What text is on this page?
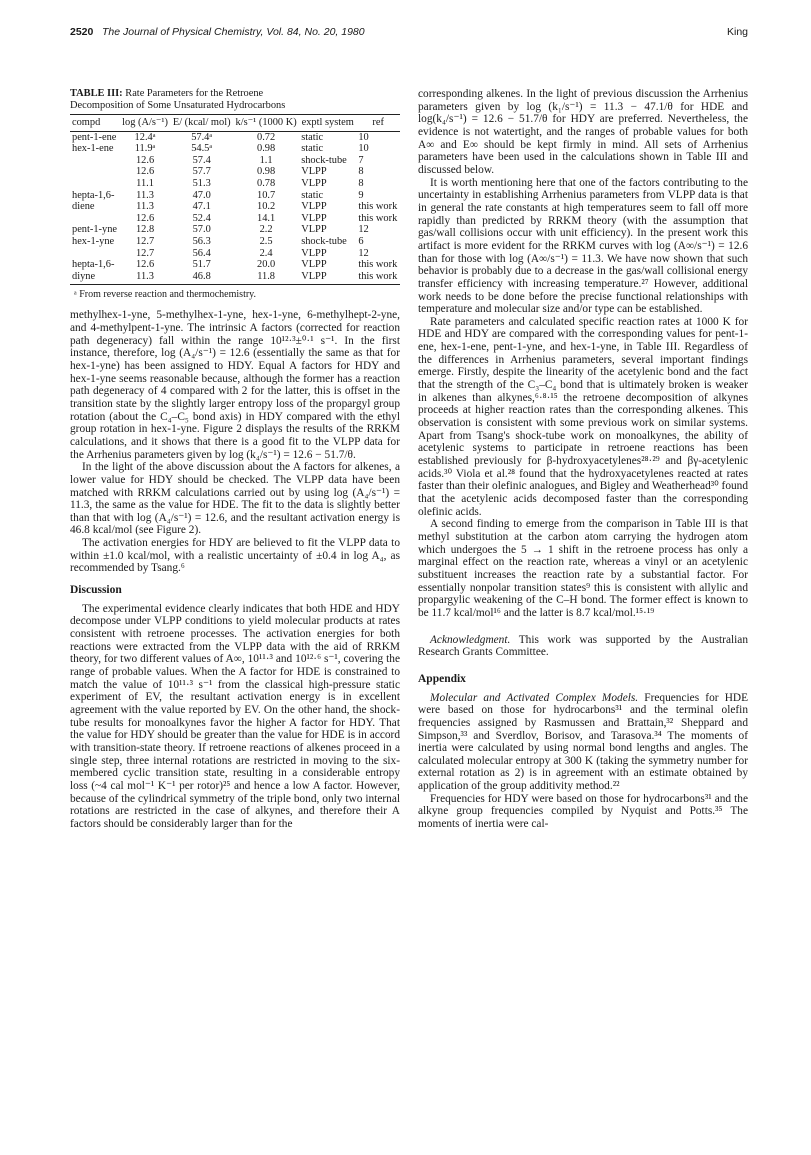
2520 The Journal of Physical Chemistry, Vol. 84, No. 20, 1980	King
TABLE III: Rate Parameters for the Retroene
Decomposition of Some Unsaturated Hydrocarbons
compd	log (A/s⁻¹)	E/ (kcal/ mol)	k/s⁻¹ (1000 K)	exptl system	ref
pent-1-ene	12.4ᵃ	57.4ᵃ	0.72	static	10
hex-1-ene	11.9ᵃ	54.5ᵃ	0.98	static	10
	12.6	57.4	1.1	shock-tube	7
	12.6	57.7	0.98	VLPP	8
	11.1	51.3	0.78	VLPP	8
hepta-1,6-	11.3	47.0	10.7	static	9
diene	11.3	47.1	10.2	VLPP	this work
	12.6	52.4	14.1	VLPP	this work
pent-1-yne	12.8	57.0	2.2	VLPP	12
hex-1-yne	12.7	56.3	2.5	shock-tube	6
	12.7	56.4	2.4	VLPP	12
hepta-1,6-	12.6	51.7	20.0	VLPP	this work
diyne	11.3	46.8	11.8	VLPP	this work
ᵃ From reverse reaction and thermochemistry.

methylhex-1-yne, 5-methylhex-1-yne, hex-1-yne, 6-methylhept-2-yne, and 4-methylpent-1-yne. The intrinsic A factors (corrected for reaction path degeneracy) fall within the range 10¹²·³±⁰·¹ s⁻¹. In the first instance, therefore, log (A₄/s⁻¹) = 12.6 (essentially the same as that for hex-1-yne) has been assigned to HDY. Equal A factors for HDY and hex-1-yne seems reasonable because, although the former has a reaction path degeneracy of 4 compared with 2 for the latter, this is offset in the transition state by the slightly larger entropy loss of the propargyl group rotation (about the C₄–C₅ bond axis) in HDY compared with the ethyl group rotation in hex-1-yne. Figure 2 displays the results of the RRKM calculations, and it shows that there is a good fit to the VLPP data for the Arrhenius parameters given by log (k₄/s⁻¹) = 12.6 − 51.7/θ.

In the light of the above discussion about the A factors for alkenes, a lower value for HDY should be checked. The VLPP data have been matched with RRKM calculations carried out by using log (A₄/s⁻¹) = 11.3, the same as the value for HDE. The fit to the data is slightly better than that with log (A₄/s⁻¹) = 12.6, and the resultant activation energy is 46.8 kcal/mol (see Figure 2).

The activation energies for HDY are believed to fit the VLPP data to within ±1.0 kcal/mol, with a realistic uncertainty of ±0.4 in log A₄, as recommended by Tsang.⁶

Discussion

The experimental evidence clearly indicates that both HDE and HDY decompose under VLPP conditions to yield molecular products at rates consistent with retroene processes. The activation energies for both reactions were extracted from the VLPP data with the aid of RRKM theory, for two different values of A∞, 10¹¹·³ and 10¹²·⁶ s⁻¹, covering the range of probable values. When the A factor for HDE is constrained to match the value of 10¹¹·³ s⁻¹ from the classical high-pressure static experiment of EV, the resultant activation energy is in excellent agreement with the value reported by EV. On the other hand, the shock-tube results for monoalkynes favor the higher A factor for HDY. That the value for HDY should be greater than the value for HDE is in accord with transition-state theory. If retroene reactions of alkenes proceed in a single step, three internal rotations are restricted in moving to the six-membered cyclic transition state, resulting in a considerable entropy loss (~4 cal mol⁻¹ K⁻¹ per rotor)²⁵ and hence a low A factor. However, because of the cylindrical symmetry of the triple bond, only two internal rotations are restricted in the case of alkynes, and therefore their A factors should be considerably larger than for the

corresponding alkenes. In the light of previous discussion the Arrhenius parameters given by log (k₁/s⁻¹) = 11.3 − 47.1/θ for HDE and log(k₄/s⁻¹) = 12.6 − 51.7/θ for HDY are preferred. Nevertheless, the evidence is not watertight, and the ranges of probable values for both A∞ and E∞ should be kept firmly in mind. All sets of Arrhenius parameters have been used in the calculations shown in Table III and discussed below.

It is worth mentioning here that one of the factors contributing to the uncertainty in establishing Arrhenius parameters from VLPP data is that in general the rate constants at high temperatures seem to fall off more rapidly than predicted by RRKM theory (with the assumption that gas/wall collisions occur with unit efficiency). In the present work this artifact is more evident for the RRKM curves with log (A∞/s⁻¹) = 12.6 than for those with log (A∞/s⁻¹) = 11.3. We have now shown that such behavior is probably due to a decrease in the gas/wall collisional energy transfer efficiency with increasing temperature.²⁷ However, additional work needs to be done before the precise functional relationships with temperature and molecular size and/or type can be established.

Rate parameters and calculated specific reaction rates at 1000 K for HDE and HDY are compared with the corresponding values for pent-1-ene, hex-1-ene, pent-1-yne, and hex-1-yne, in Table III. Regardless of the differences in Arrhenius parameters, several important findings emerge. Firstly, despite the linearity of the acetylenic bond and the fact that the strength of the C₃–C₄ bond that is ultimately broken is weaker in alkenes than alkynes,⁶·⁸·¹⁵ the retroene decomposition of alkynes proceeds at higher reaction rates than the corresponding alkenes. This observation is consistent with some previous work on similar systems. Apart from Tsang's shock-tube work on monoalkynes, the ability of acetylenic systems to participate in retroene reactions has been established previously for β-hydroxyacetylenes²⁸·²⁹ and βγ-acetylenic acids.³⁰ Viola et al.²⁸ found that the hydroxyacetylenes reacted at rates faster than their olefinic analogues, and Bigley and Weatherhead³⁰ found that the acetylenic acids decomposed faster than the corresponding olefinic acids.

A second finding to emerge from the comparison in Table III is that methyl substitution at the carbon atom carrying the hydrogen atom which undergoes the 5 → 1 shift in the retroene process has only a marginal effect on the reaction rate, whereas a vinyl or an acetylenic substituent increases the reaction rate by a substantial factor. For essentially nonpolar transition states⁹ this is consistent with allylic and propargylic weakening of the C–H bond. The former effect is known to be 11.7 kcal/mol¹⁶ and the latter is 8.7 kcal/mol.¹⁵·¹⁹

Acknowledgment. This work was supported by the Australian Research Grants Committee.

Appendix

Molecular and Activated Complex Models. Frequencies for HDE were based on those for hydrocarbons³¹ and the terminal olefin frequencies assigned by Rasmussen and Brattain,³² Sheppard and Simpson,³³ and Sverdlov, Borisov, and Tarasova.³⁴ The moments of inertia were calculated by using normal bond lengths and angles. The calculated molecular entropy at 300 K (taking the symmetry number for external rotation as 2) is in agreement with an estimate obtained by application of the group additivity method.²²

Frequencies for HDY were based on those for hydrocarbons³¹ and the alkyne group frequencies compiled by Nyquist and Potts.³⁵ The moments of inertia were cal-
